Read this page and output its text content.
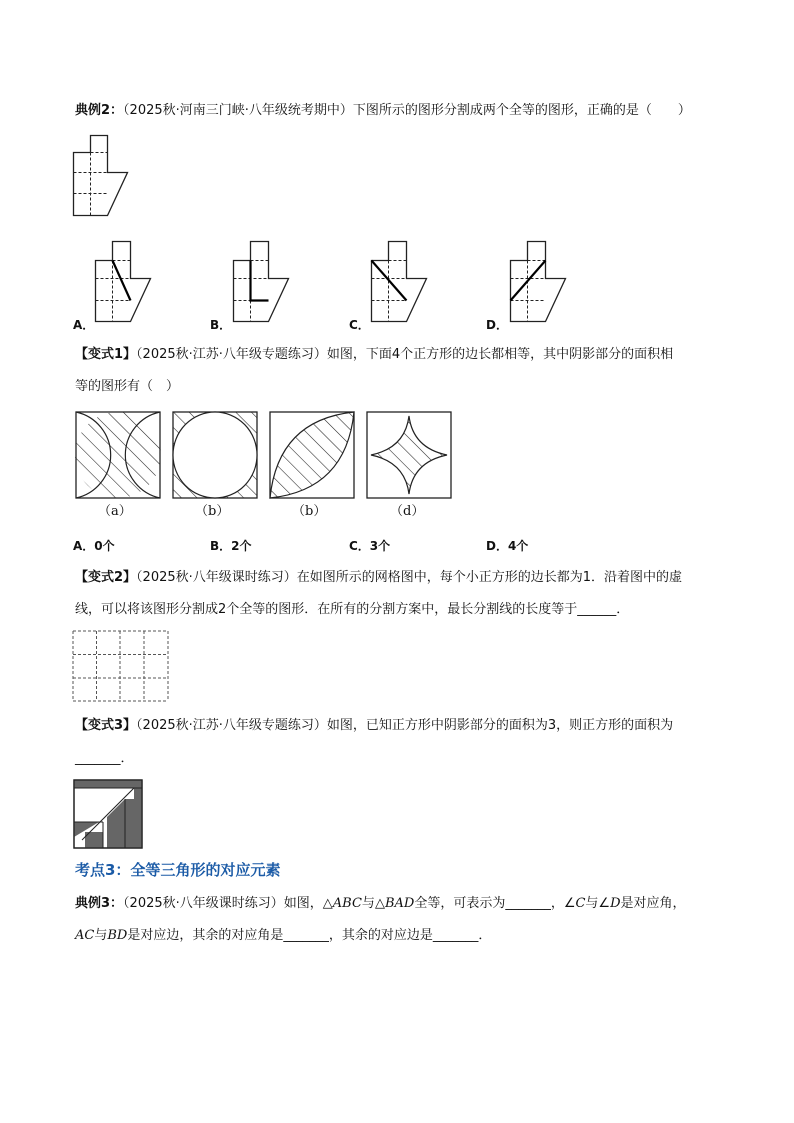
典例2：（2025秋·河南三门峡·八年级统考期中）下图所示的图形分割成两个全等的图形，正确的是（　　）
A．	B．	C．	D．
【变式1】（2025秋·江苏·八年级专题练习）如图，下面4个正方形的边长都相等，其中阴影部分的面积相
等的图形有（　）
（a）	（b）	（b）	（d）
A．0个	B．2个	C．3个	D．4个
【变式2】（2025秋·八年级课时练习）在如图所示的网格图中，每个小正方形的边长都为1．沿着图中的虚
线，可以将该图形分割成2个全等的图形．在所有的分割方案中，最长分割线的长度等于______．
【变式3】（2025秋·江苏·八年级专题练习）如图，已知正方形中阴影部分的面积为3，则正方形的面积为
_______．
考点3：全等三角形的对应元素
典例3：（2025秋·八年级课时练习）如图，△ABC与△BAD全等，可表示为_______，∠C与∠D是对应角，
AC与BD是对应边，其余的对应角是_______，其余的对应边是_______．
